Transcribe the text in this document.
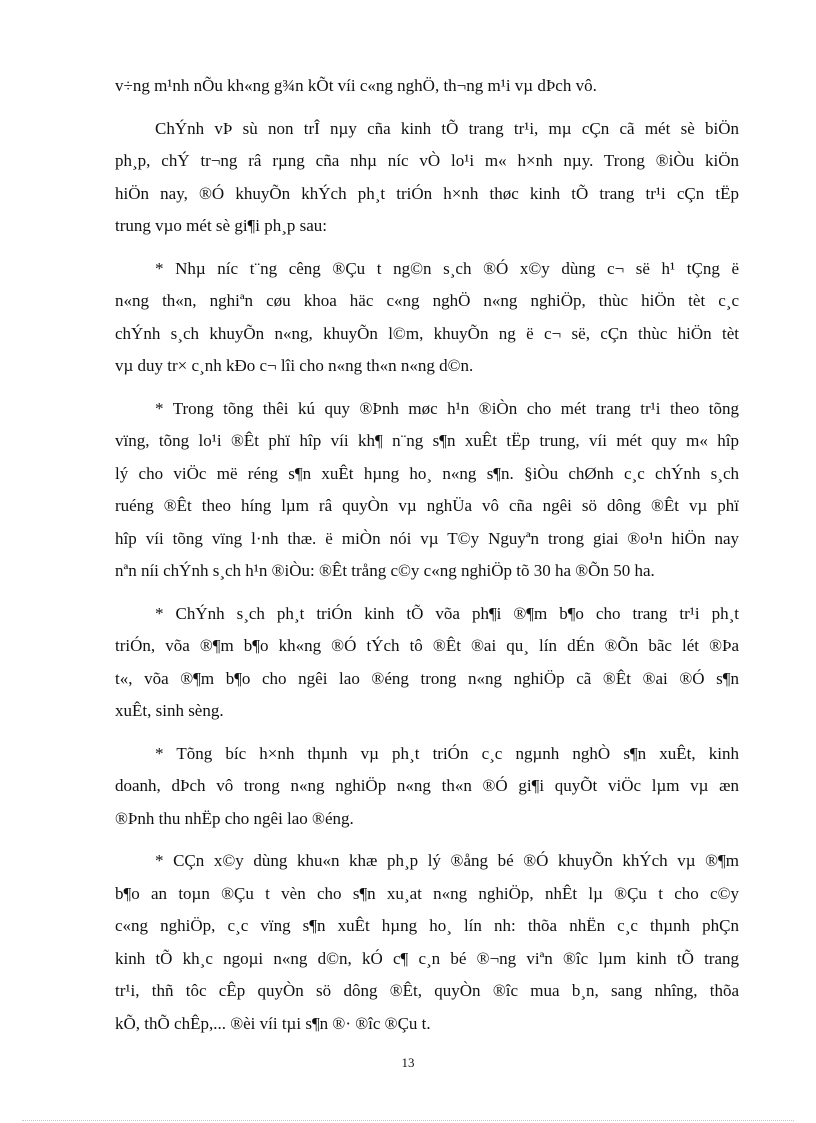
v÷ng m¹nh nÕu kh«ng g¾n kÕt víi c«ng nghÖ, th¬ng m¹i vµ dÞch vô.

ChÝnh vÞ sù non trÎ nµy cña kinh tÕ trang tr¹i, mµ cÇn cã mét sè biÖn
ph¸p, chÝ tr¬ng râ rµng cña nhµ níc vÒ lo¹i m« h×nh nµy. Trong ®iÒu kiÖn
hiÖn nay, ®Ó khuyÕn khÝch ph¸t triÓn h×nh thøc kinh tÕ trang tr¹i cÇn tËp
trung vµo mét sè gi¶i ph¸p sau:

* Nhµ níc t¨ng cêng ®Çu t ng©n s¸ch ®Ó x©y dùng c¬ së h¹ tÇng ë
n«ng th«n, nghiªn cøu khoa häc c«ng nghÖ n«ng nghiÖp, thùc hiÖn tèt c¸c
chÝnh s¸ch khuyÕn n«ng, khuyÕn l©m, khuyÕn ng ë c¬ së, cÇn thùc hiÖn tèt
vµ duy tr× c¸nh kÐo c¬ lîi cho n«ng th«n n«ng d©n.

* Trong tõng thêi kú quy ®Þnh møc h¹n ®iÒn cho mét trang tr¹i theo tõng
vïng, tõng lo¹i ®Êt phï hîp víi kh¶ n¨ng s¶n xuÊt tËp trung, víi mét quy m« hîp
lý cho viÖc më réng s¶n xuÊt hµng ho¸ n«ng s¶n. §iÒu chØnh c¸c chÝnh s¸ch
ruéng ®Êt theo híng lµm râ quyÒn vµ nghÜa vô cña ngêi sö dông ®Êt vµ phï
hîp víi tõng vïng l·nh thæ. ë miÒn nói vµ T©y Nguyªn trong giai ®o¹n hiÖn nay
nªn níi chÝnh s¸ch h¹n ®iÒu: ®Êt trång c©y c«ng nghiÖp tõ 30 ha ®Õn 50 ha.

* ChÝnh s¸ch ph¸t triÓn kinh tÕ võa ph¶i ®¶m b¶o cho trang tr¹i ph¸t
triÓn, võa ®¶m b¶o kh«ng ®Ó tÝch tô ®Êt ®ai qu¸ lín dÉn ®Õn bãc lét ®Þa
t«, võa ®¶m b¶o cho ngêi lao ®éng trong n«ng nghiÖp cã ®Êt ®ai ®Ó s¶n
xuÊt, sinh sèng.

* Tõng bíc h×nh thµnh vµ ph¸t triÓn c¸c ngµnh nghÒ s¶n xuÊt, kinh
doanh, dÞch vô trong n«ng nghiÖp n«ng th«n ®Ó gi¶i quyÕt viÖc lµm vµ æn
®Þnh thu nhËp cho ngêi lao ®éng.

* CÇn x©y dùng khu«n khæ ph¸p lý ®ång bé ®Ó khuyÕn khÝch vµ ®¶m
b¶o an toµn ®Çu t vèn cho s¶n xu¸at n«ng nghiÖp, nhÊt lµ ®Çu t cho c©y
c«ng nghiÖp, c¸c vïng s¶n xuÊt hµng ho¸ lín nh: thõa nhËn c¸c thµnh phÇn
kinh tÕ kh¸c ngoµi n«ng d©n, kÓ c¶ c¸n bé ®¬ng viªn ®îc lµm kinh tÕ trang
tr¹i, thñ tôc cÊp quyÒn sö dông ®Êt, quyÒn ®îc mua b¸n, sang nhîng, thõa
kÕ, thÕ chÊp,... ®èi víi tµi s¶n ®· ®îc ®Çu t.

13
